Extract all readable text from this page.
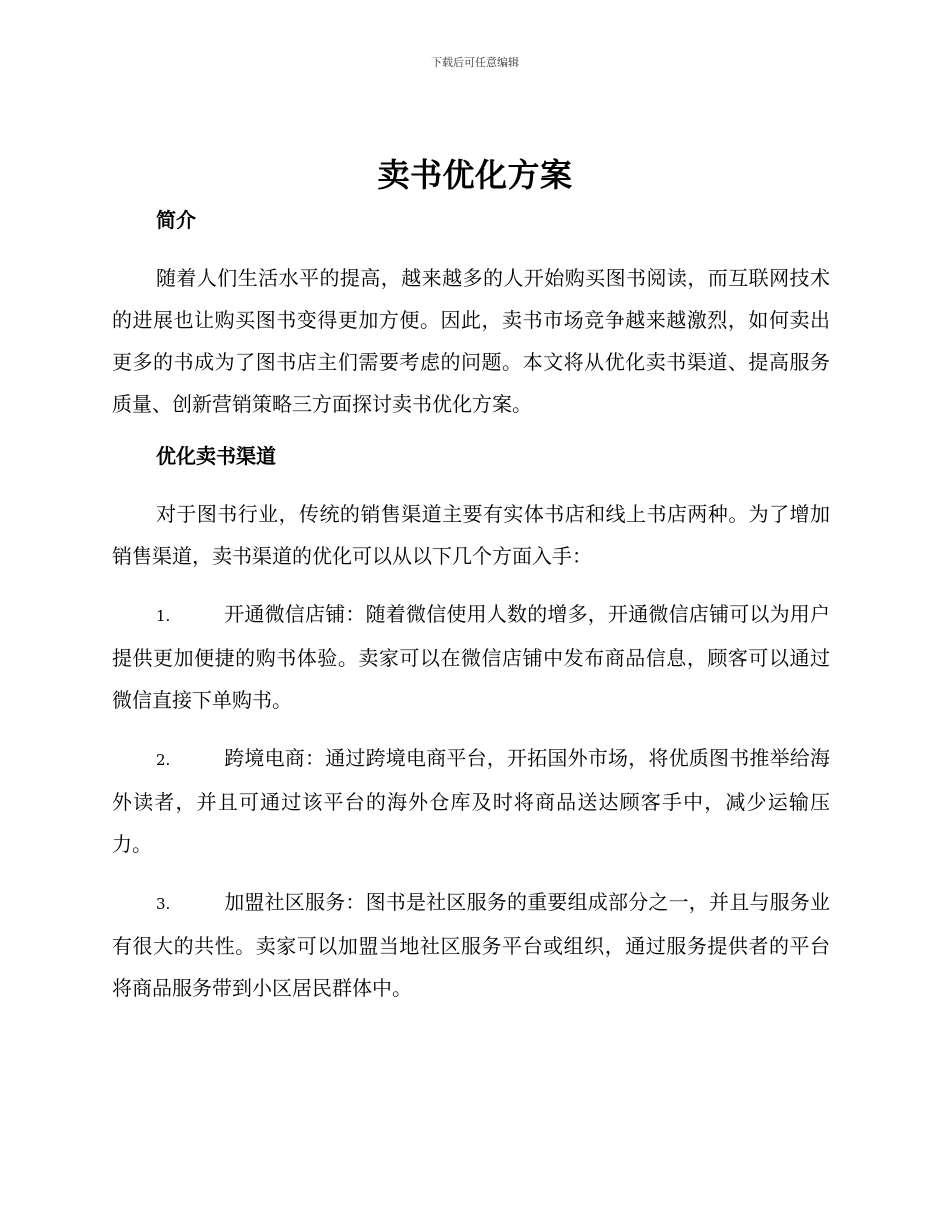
下载后可任意编辑
卖书优化方案
简介

随着人们生活水平的提高，越来越多的人开始购买图书阅读，而互联网技术的进展也让购买图书变得更加方便。因此，卖书市场竞争越来越激烈，如何卖出更多的书成为了图书店主们需要考虑的问题。本文将从优化卖书渠道、提高服务质量、创新营销策略三方面探讨卖书优化方案。

优化卖书渠道

对于图书行业，传统的销售渠道主要有实体书店和线上书店两种。为了增加销售渠道，卖书渠道的优化可以从以下几个方面入手：

1.	开通微信店铺：随着微信使用人数的增多，开通微信店铺可以为用户提供更加便捷的购书体验。卖家可以在微信店铺中发布商品信息，顾客可以通过微信直接下单购书。

2.	跨境电商：通过跨境电商平台，开拓国外市场，将优质图书推举给海外读者，并且可通过该平台的海外仓库及时将商品送达顾客手中，减少运输压力。

3.	加盟社区服务：图书是社区服务的重要组成部分之一，并且与服务业有很大的共性。卖家可以加盟当地社区服务平台或组织，通过服务提供者的平台将商品服务带到小区居民群体中。
